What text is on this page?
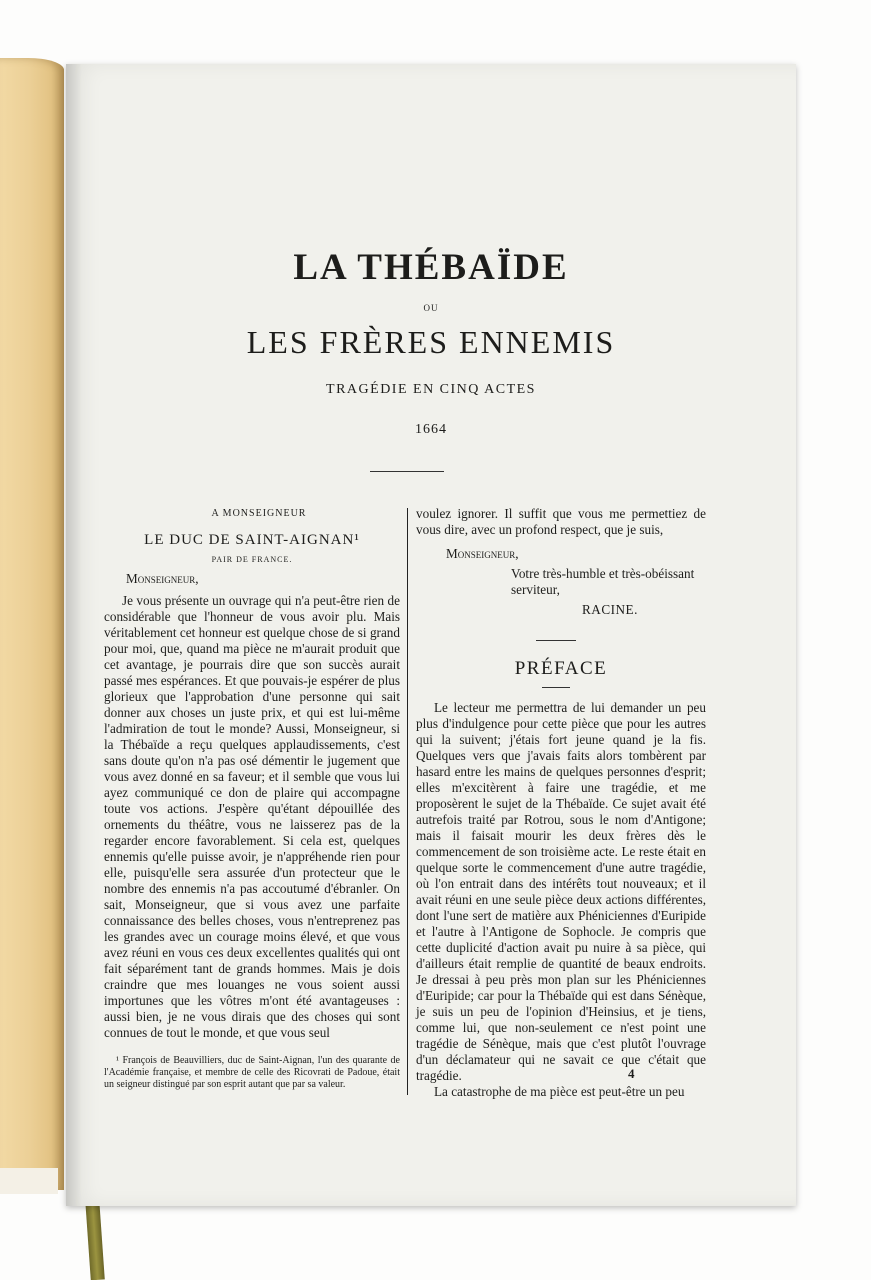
LA THÉBAÏDE
OU
LES FRÈRES ENNEMIS
TRAGÉDIE EN CINQ ACTES
1664

A MONSEIGNEUR

LE DUC DE SAINT-AIGNAN¹

PAIR DE FRANCE.

Monseigneur,

Je vous présente un ouvrage qui n'a peut-être rien de considérable que l'honneur de vous avoir plu. Mais véritablement cet honneur est quelque chose de si grand pour moi, que, quand ma pièce ne m'aurait produit que cet avantage, je pourrais dire que son succès aurait passé mes espérances. Et que pouvais-je espérer de plus glorieux que l'approbation d'une personne qui sait donner aux choses un juste prix, et qui est lui-même l'admiration de tout le monde? Aussi, Monseigneur, si la Thébaïde a reçu quelques applaudissements, c'est sans doute qu'on n'a pas osé démentir le jugement que vous avez donné en sa faveur; et il semble que vous lui ayez communiqué ce don de plaire qui accompagne toute vos actions. J'espère qu'étant dépouillée des ornements du théâtre, vous ne laisserez pas de la regarder encore favorablement. Si cela est, quelques ennemis qu'elle puisse avoir, je n'appréhende rien pour elle, puisqu'elle sera assurée d'un protecteur que le nombre des ennemis n'a pas accoutumé d'ébranler. On sait, Monseigneur, que si vous avez une parfaite connaissance des belles choses, vous n'entreprenez pas les grandes avec un courage moins élevé, et que vous avez réuni en vous ces deux excellentes qualités qui ont fait séparément tant de grands hommes. Mais je dois craindre que mes louanges ne vous soient aussi importunes que les vôtres m'ont été avantageuses : aussi bien, je ne vous dirais que des choses qui sont connues de tout le monde, et que vous seul

¹ François de Beauvilliers, duc de Saint-Aignan, l'un des quarante de l'Académie française, et membre de celle des Ricovrati de Padoue, était un seigneur distingué par son esprit autant que par sa valeur.

voulez ignorer. Il suffit que vous me permettiez de vous dire, avec un profond respect, que je suis,

Monseigneur,

Votre très-humble et très-obéissant

serviteur,

RACINE.

PRÉFACE

Le lecteur me permettra de lui demander un peu plus d'indulgence pour cette pièce que pour les autres qui la suivent; j'étais fort jeune quand je la fis. Quelques vers que j'avais faits alors tombèrent par hasard entre les mains de quelques personnes d'esprit; elles m'excitèrent à faire une tragédie, et me proposèrent le sujet de la Thébaïde. Ce sujet avait été autrefois traité par Rotrou, sous le nom d'Antigone; mais il faisait mourir les deux frères dès le commencement de son troisième acte. Le reste était en quelque sorte le commencement d'une autre tragédie, où l'on entrait dans des intérêts tout nouveaux; et il avait réuni en une seule pièce deux actions différentes, dont l'une sert de matière aux Phéniciennes d'Euripide et l'autre à l'Antigone de Sophocle. Je compris que cette duplicité d'action avait pu nuire à sa pièce, qui d'ailleurs était remplie de quantité de beaux endroits. Je dressai à peu près mon plan sur les Phéniciennes d'Euripide; car pour la Thébaïde qui est dans Sénèque, je suis un peu de l'opinion d'Heinsius, et je tiens, comme lui, que non-seulement ce n'est point une tragédie de Sénèque, mais que c'est plutôt l'ouvrage d'un déclamateur qui ne savait ce que c'était que tragédie.

La catastrophe de ma pièce est peut-être un peu

4
